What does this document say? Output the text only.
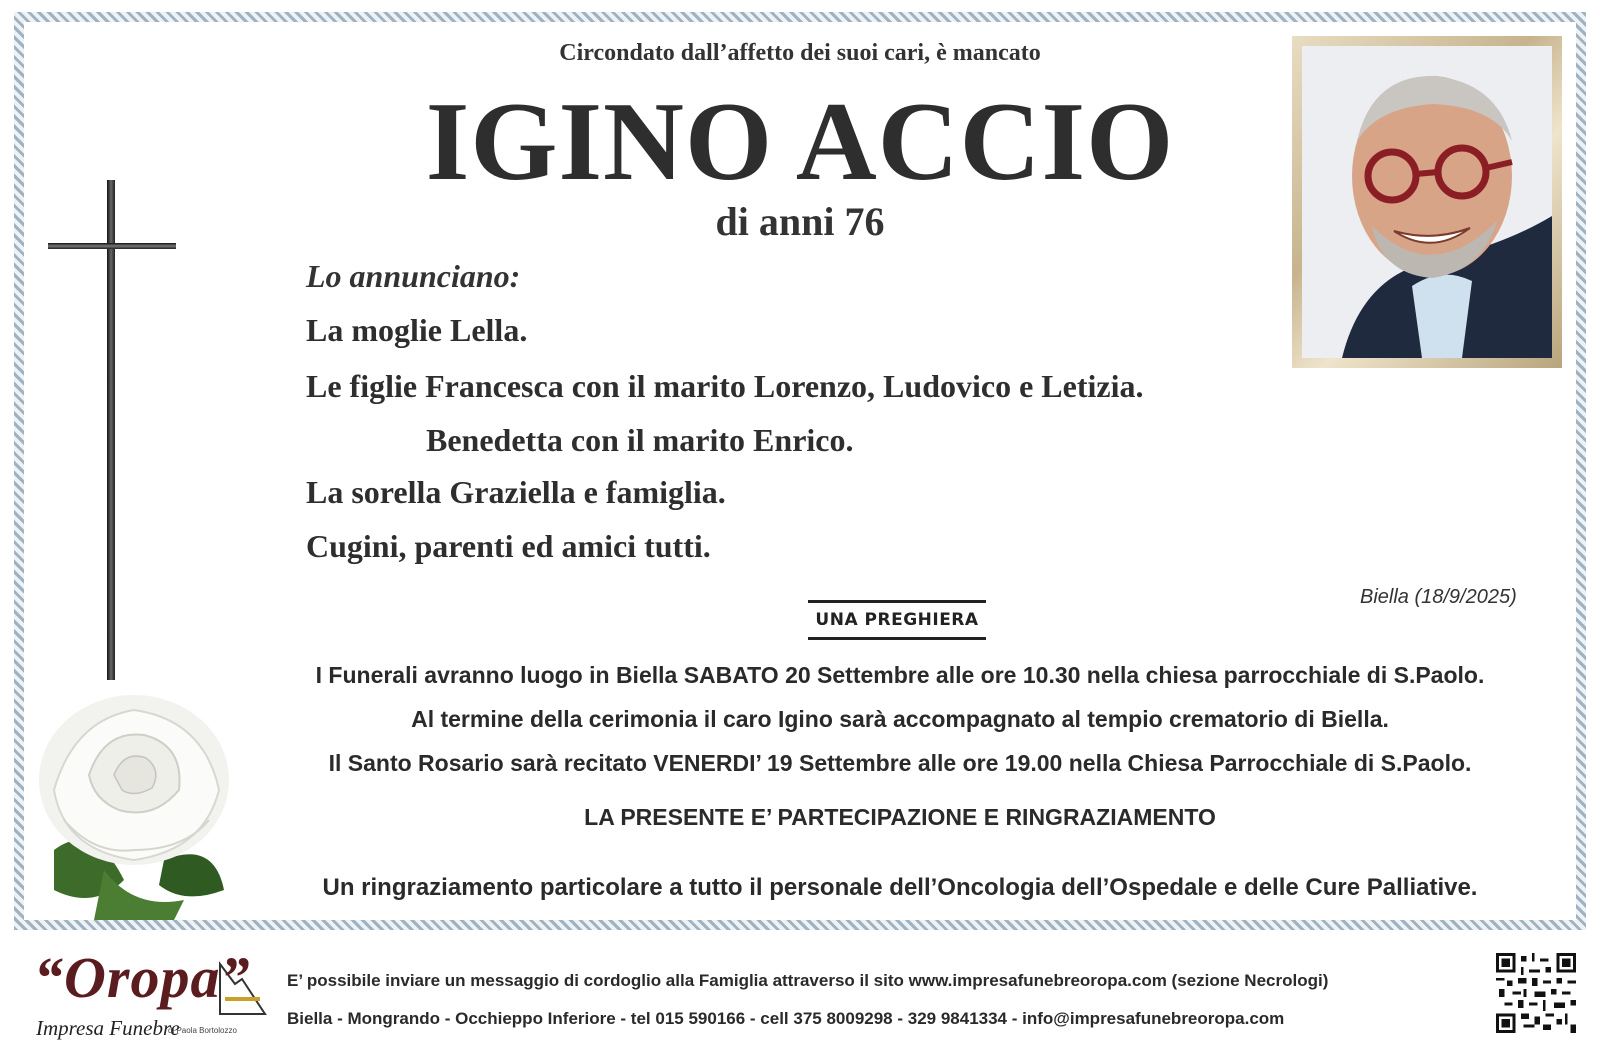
Circondato dall’affetto dei suoi cari, è mancato
IGINO ACCIO
di anni 76
Lo annunciano:
La moglie Lella.
Le figlie Francesca con il marito Lorenzo, Ludovico e Letizia.
Benedetta con il marito Enrico.
La sorella Graziella e famiglia.
Cugini, parenti ed amici tutti.
Biella (18/9/2025)
UNA PREGHIERA
I Funerali avranno luogo in Biella SABATO 20 Settembre alle ore 10.30 nella chiesa parrocchiale di S.Paolo.
Al termine della cerimonia il caro Igino sarà accompagnato al tempio crematorio di Biella.
Il Santo Rosario sarà recitato VENERDI’ 19 Settembre alle ore 19.00 nella Chiesa Parrocchiale di S.Paolo.
LA PRESENTE E’ PARTECIPAZIONE E RINGRAZIAMENTO
Un ringraziamento particolare a tutto il personale dell’Oncologia dell’Ospedale e delle Cure Palliative.
“Oropa”
Impresa Funebre
di Paola Bortolozzo
E’ possibile inviare un messaggio di cordoglio alla Famiglia attraverso il sito www.impresafunebreoropa.com (sezione Necrologi)
Biella - Mongrando - Occhieppo Inferiore - tel 015 590166 - cell 375 8009298 - 329 9841334 - info@impresafunebreoropa.com
